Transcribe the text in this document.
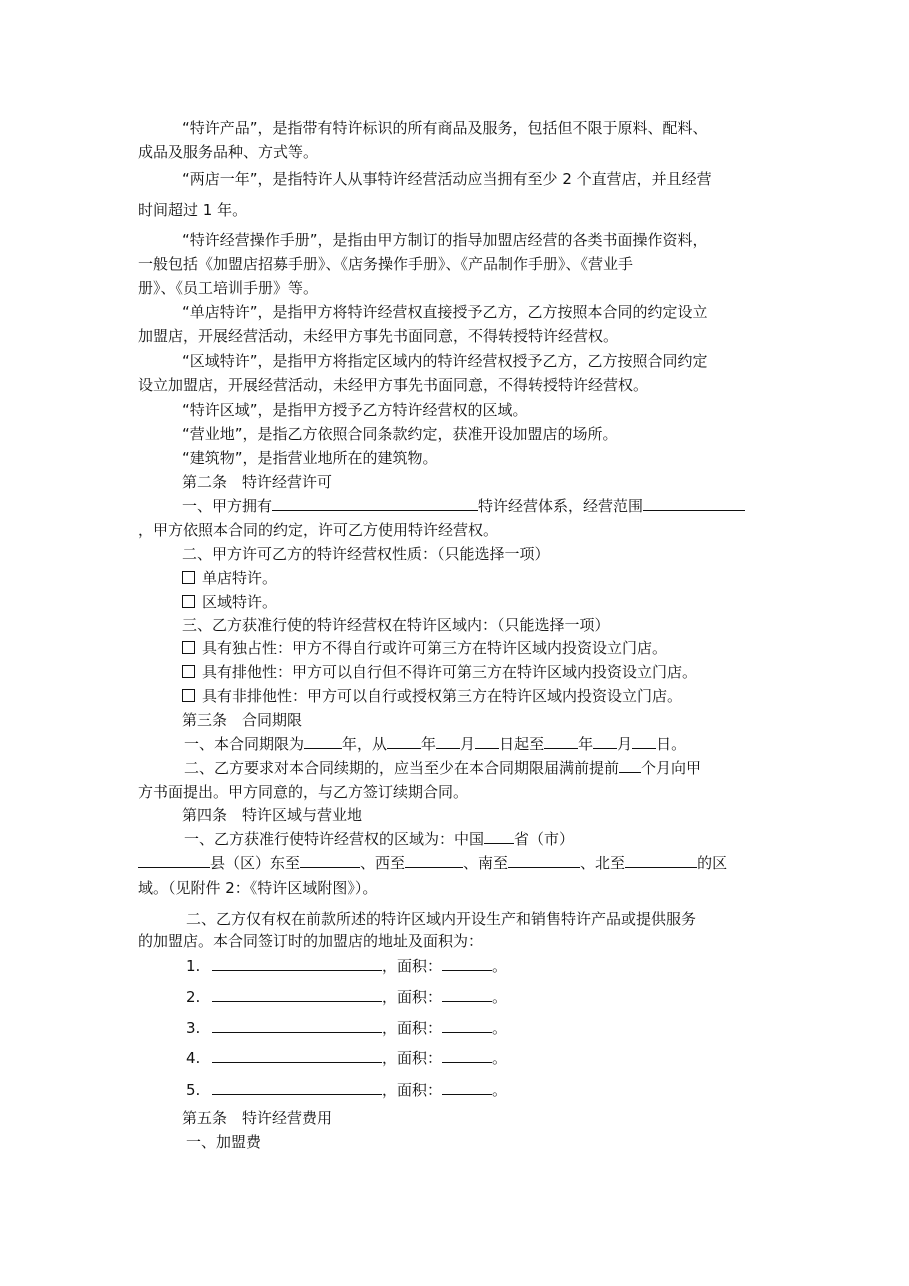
“特许产品”，是指带有特许标识的所有商品及服务，包括但不限于原料、配料、
成品及服务品种、方式等。
“两店一年”，是指特许人从事特许经营活动应当拥有至少 2 个直营店，并且经营
时间超过 1 年。
“特许经营操作手册”，是指由甲方制订的指导加盟店经营的各类书面操作资料，
一般包括《加盟店招募手册》、《店务操作手册》、《产品制作手册》、《营业手
册》、《员工培训手册》等。
“单店特许”，是指甲方将特许经营权直接授予乙方，乙方按照本合同的约定设立
加盟店，开展经营活动，未经甲方事先书面同意，不得转授特许经营权。
“区域特许”，是指甲方将指定区域内的特许经营权授予乙方，乙方按照合同约定
设立加盟店，开展经营活动，未经甲方事先书面同意，不得转授特许经营权。
“特许区域”，是指甲方授予乙方特许经营权的区域。
“营业地”，是指乙方依照合同条款约定，获准开设加盟店的场所。
“建筑物”，是指营业地所在的建筑物。
第二条　特许经营许可
一、甲方拥有	特许经营体系，经营范围
，甲方依照本合同的约定，许可乙方使用特许经营权。
二、甲方许可乙方的特许经营权性质：（只能选择一项）
单店特许。
区域特许。
三、乙方获准行使的特许经营权在特许区域内：（只能选择一项）
具有独占性：甲方不得自行或许可第三方在特许区域内投资设立门店。
具有排他性：甲方可以自行但不得许可第三方在特许区域内投资设立门店。
具有非排他性：甲方可以自行或授权第三方在特许区域内投资设立门店。
第三条　合同期限
一、本合同期限为	年，从 年 月 日起至 年 月 日。
二、乙方要求对本合同续期的，应当至少在本合同期限届满前提前 个月向甲
方书面提出。甲方同意的，与乙方签订续期合同。
第四条　特许区域与营业地
一、乙方获准行使特许经营权的区域为：中国 省（市）
县（区）东至	、西至	、南至	、北至	的区
域。（见附件 2：《特许区域附图》）。
二、乙方仅有权在前款所述的特许区域内开设生产和销售特许产品或提供服务
的加盟店。本合同签订时的加盟店的地址及面积为：
1.	，面积：	。
2.	，面积：	。
3.	，面积：	。
4.	，面积：	。
5.	，面积：	。
第五条　特许经营费用
一、加盟费
